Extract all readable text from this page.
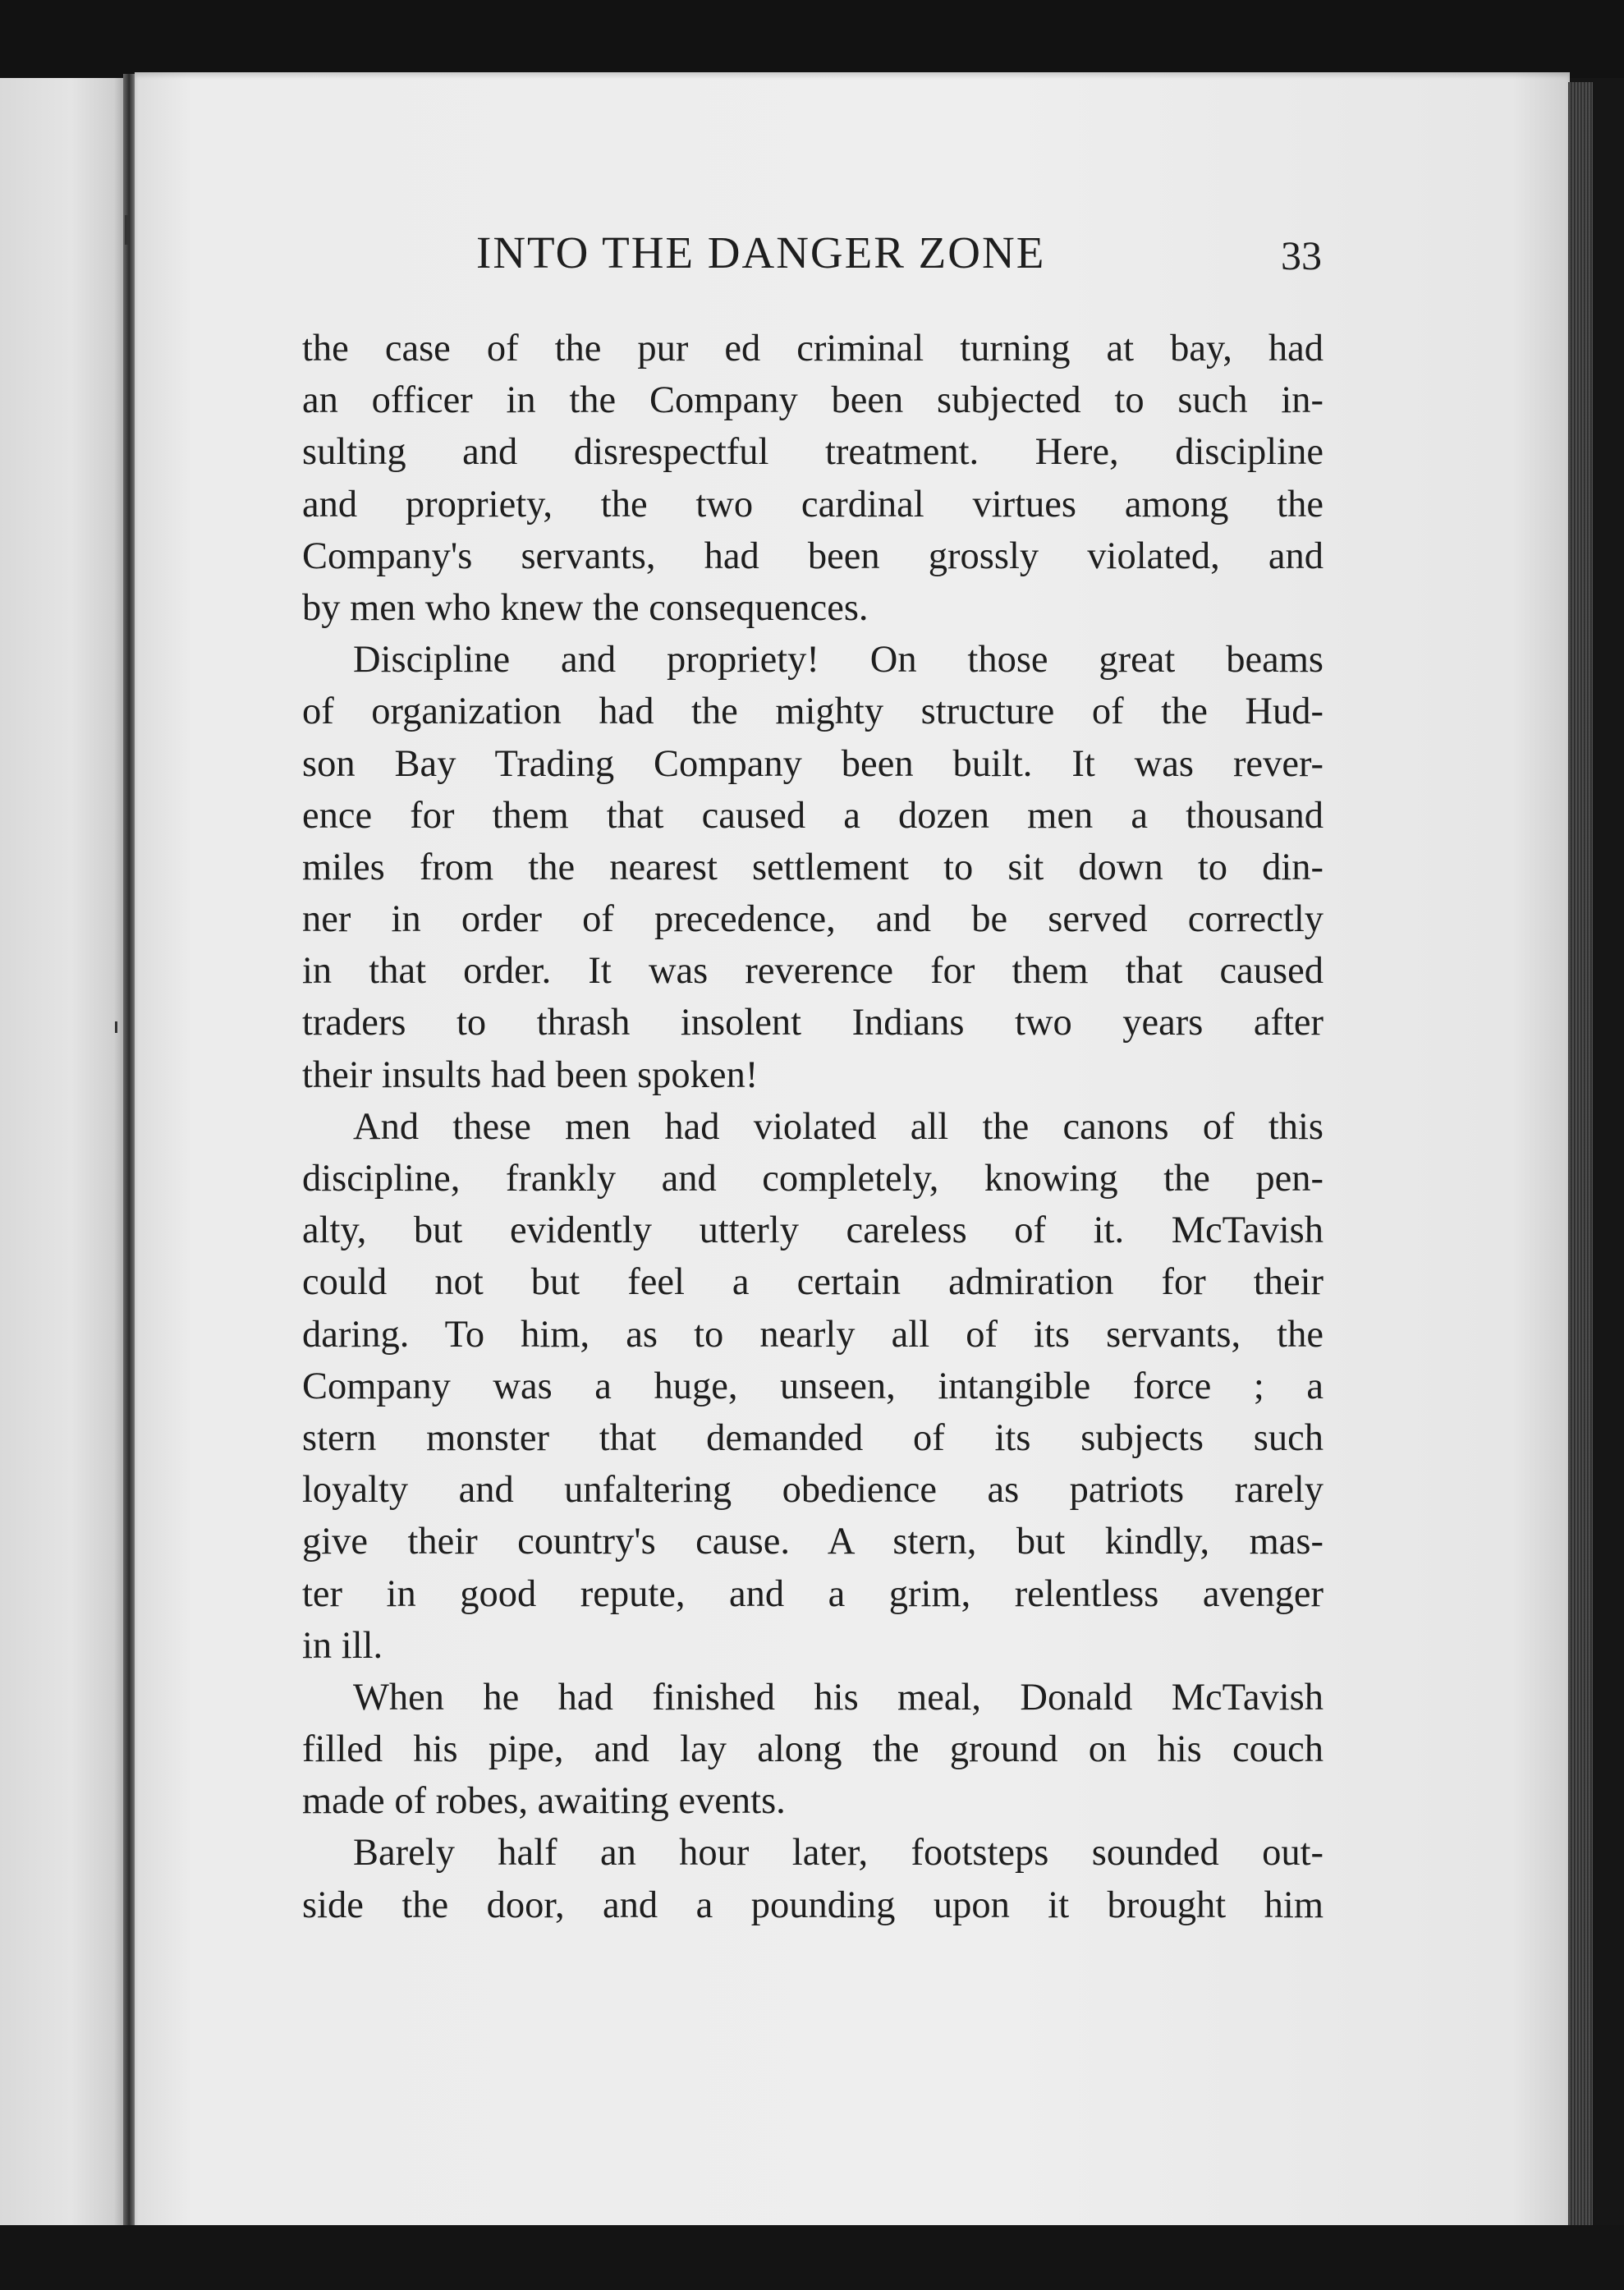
INTO THE DANGER ZONE	33
the case of the pur ed criminal turning at bay, had
an officer in the Company been subjected to such in-
sulting and disrespectful treatment. Here, discipline
and propriety, the two cardinal virtues among the
Company's servants, had been grossly violated, and
by men who knew the consequences.
Discipline and propriety! On those great beams
of organization had the mighty structure of the Hud-
son Bay Trading Company been built. It was rever-
ence for them that caused a dozen men a thousand
miles from the nearest settlement to sit down to din-
ner in order of precedence, and be served correctly
in that order. It was reverence for them that caused
traders to thrash insolent Indians two years after
their insults had been spoken!
And these men had violated all the canons of this
discipline, frankly and completely, knowing the pen-
alty, but evidently utterly careless of it. McTavish
could not but feel a certain admiration for their
daring. To him, as to nearly all of its servants, the
Company was a huge, unseen, intangible force ; a
stern monster that demanded of its subjects such
loyalty and unfaltering obedience as patriots rarely
give their country's cause. A stern, but kindly, mas-
ter in good repute, and a grim, relentless avenger
in ill.
When he had finished his meal, Donald McTavish
filled his pipe, and lay along the ground on his couch
made of robes, awaiting events.
Barely half an hour later, footsteps sounded out-
side the door, and a pounding upon it brought him
